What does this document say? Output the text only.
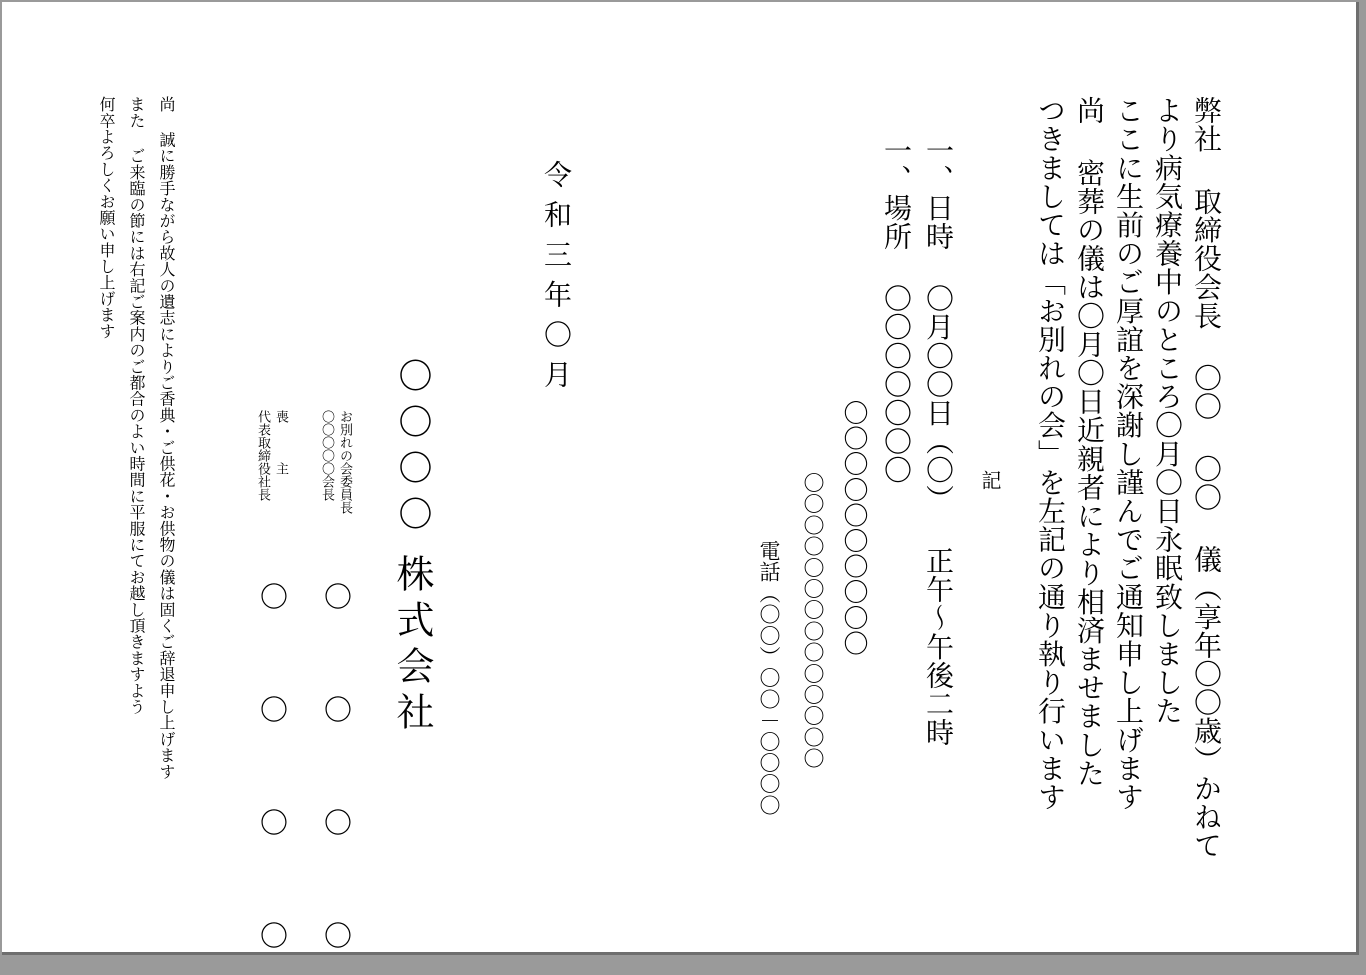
弊社 取締役会長 〇〇 〇〇 儀（享年〇〇歳）かねて
より病気療養中のところ〇月〇日永眠致しました
ここに生前のご厚誼を深謝し謹んでご通知申し上げます
尚 密葬の儀は〇月〇日近親者により相済ませました
つきましては「お別れの会」を左記の通り執り行います
記
一、日時 〇月〇〇日（〇） 正午～午後二時
一、場所 〇〇〇〇〇〇〇
〇〇〇〇〇〇〇〇〇〇
〇〇〇〇〇〇〇〇〇〇〇〇〇〇
電話（〇〇）〇〇－〇〇〇〇
令和三年〇月
〇〇〇〇
株式会社
お別れの会委員長
〇〇〇〇〇会長
〇 〇 〇 〇
喪　　　主
代表取締役社長
〇 〇 〇 〇
尚 誠に勝手ながら故人の遺志によりご香典・ご供花・お供物の儀は固くご辞退申し上げます
また ご来臨の節には右記ご案内のご都合のよい時間に平服にてお越し頂きますよう
何卒よろしくお願い申し上げます
